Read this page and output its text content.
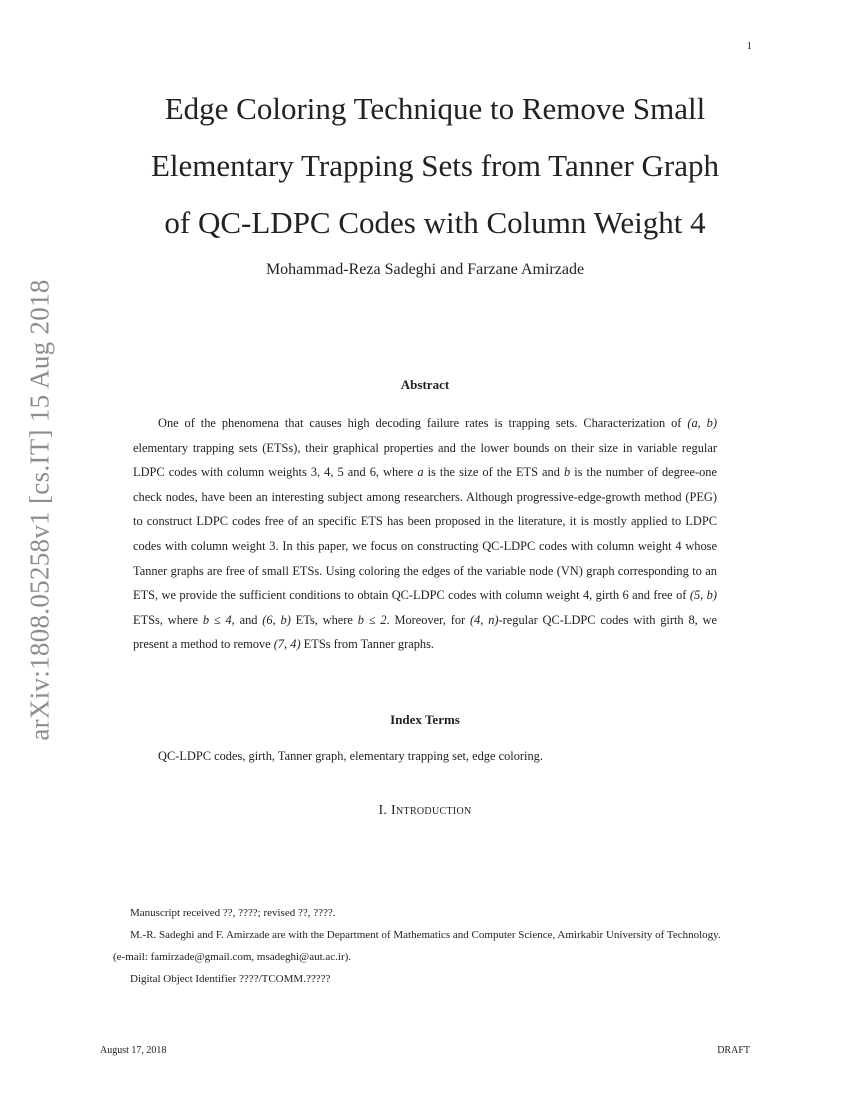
1
arXiv:1808.05258v1 [cs.IT] 15 Aug 2018
Edge Coloring Technique to Remove Small
Elementary Trapping Sets from Tanner Graph
of QC-LDPC Codes with Column Weight 4
Mohammad-Reza Sadeghi and Farzane Amirzade
Abstract

One of the phenomena that causes high decoding failure rates is trapping sets. Characterization of (a, b) elementary trapping sets (ETSs), their graphical properties and the lower bounds on their size in variable regular LDPC codes with column weights 3, 4, 5 and 6, where a is the size of the ETS and b is the number of degree-one check nodes, have been an interesting subject among researchers. Although progressive-edge-growth method (PEG) to construct LDPC codes free of an specific ETS has been proposed in the literature, it is mostly applied to LDPC codes with column weight 3. In this paper, we focus on constructing QC-LDPC codes with column weight 4 whose Tanner graphs are free of small ETSs. Using coloring the edges of the variable node (VN) graph corresponding to an ETS, we provide the sufficient conditions to obtain QC-LDPC codes with column weight 4, girth 6 and free of (5, b) ETSs, where b ≤ 4, and (6, b) ETs, where b ≤ 2. Moreover, for (4, n)-regular QC-LDPC codes with girth 8, we present a method to remove (7, 4) ETSs from Tanner graphs.

Index Terms
QC-LDPC codes, girth, Tanner graph, elementary trapping set, edge coloring.
I. Introduction

Manuscript received ??, ????; revised ??, ????.

M.-R. Sadeghi and F. Amirzade are with the Department of Mathematics and Computer Science, Amirkabir University of Technology.

(e-mail: famirzade@gmail.com, msadeghi@aut.ac.ir).

Digital Object Identifier ????/TCOMM.?????

August 17, 2018	DRAFT
